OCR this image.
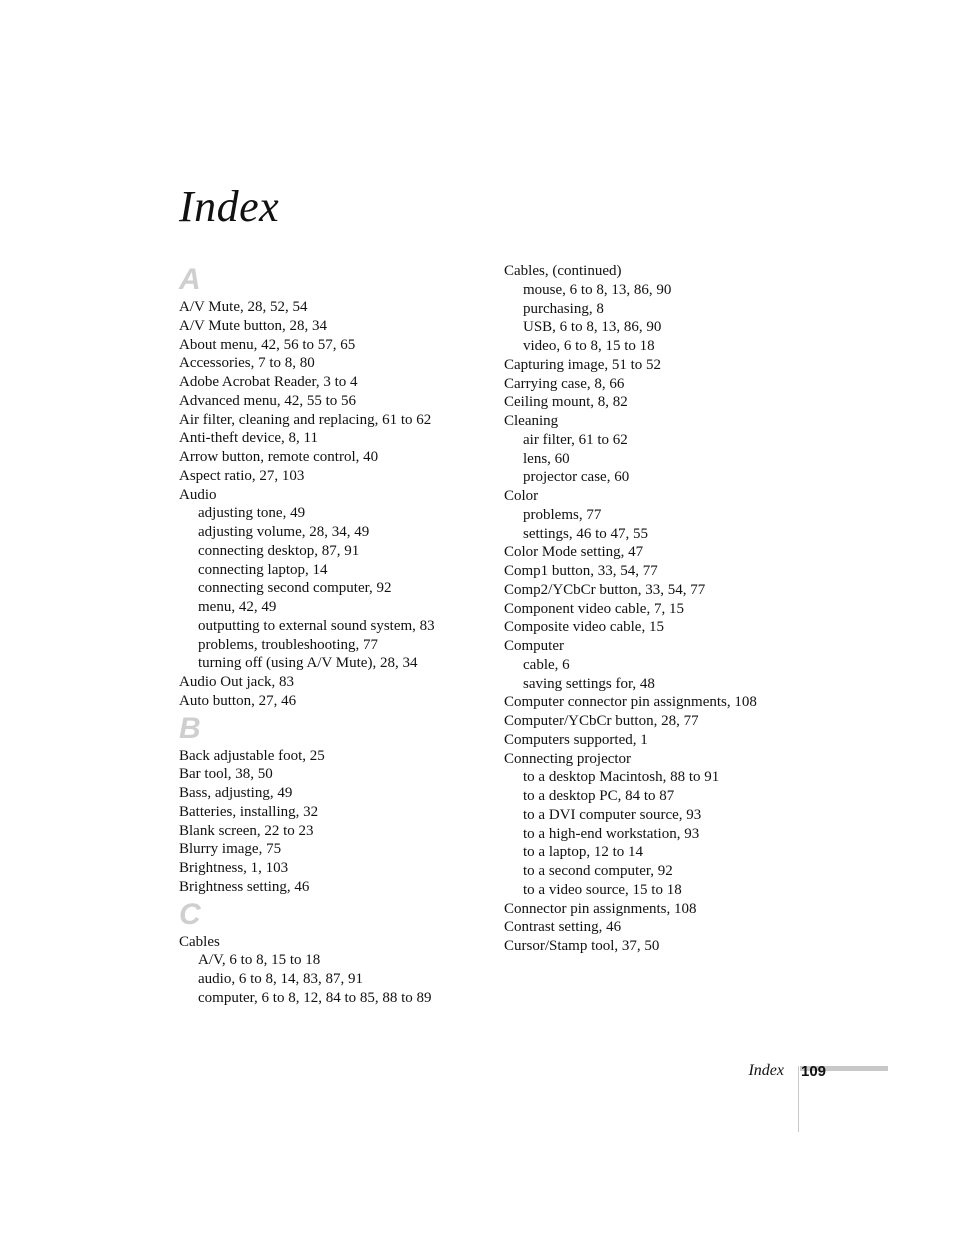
Index
A
A/V Mute, 28, 52, 54
A/V Mute button, 28, 34
About menu, 42, 56 to 57, 65
Accessories, 7 to 8, 80
Adobe Acrobat Reader, 3 to 4
Advanced menu, 42, 55 to 56
Air filter, cleaning and replacing, 61 to 62
Anti-theft device, 8, 11
Arrow button, remote control, 40
Aspect ratio, 27, 103
Audio
adjusting tone, 49
adjusting volume, 28, 34, 49
connecting desktop, 87, 91
connecting laptop, 14
connecting second computer, 92
menu, 42, 49
outputting to external sound system, 83
problems, troubleshooting, 77
turning off (using A/V Mute), 28, 34
Audio Out jack, 83
Auto button, 27, 46
B
Back adjustable foot, 25
Bar tool, 38, 50
Bass, adjusting, 49
Batteries, installing, 32
Blank screen, 22 to 23
Blurry image, 75
Brightness, 1, 103
Brightness setting, 46
C
Cables
A/V, 6 to 8, 15 to 18
audio, 6 to 8, 14, 83, 87, 91
computer, 6 to 8, 12, 84 to 85, 88 to 89
Cables, (continued)
mouse, 6 to 8, 13, 86, 90
purchasing, 8
USB, 6 to 8, 13, 86, 90
video, 6 to 8, 15 to 18
Capturing image, 51 to 52
Carrying case, 8, 66
Ceiling mount, 8, 82
Cleaning
air filter, 61 to 62
lens, 60
projector case, 60
Color
problems, 77
settings, 46 to 47, 55
Color Mode setting, 47
Comp1 button, 33, 54, 77
Comp2/YCbCr button, 33, 54, 77
Component video cable, 7, 15
Composite video cable, 15
Computer
cable, 6
saving settings for, 48
Computer connector pin assignments, 108
Computer/YCbCr button, 28, 77
Computers supported, 1
Connecting projector
to a desktop Macintosh, 88 to 91
to a desktop PC, 84 to 87
to a DVI computer source, 93
to a high-end workstation, 93
to a laptop, 12 to 14
to a second computer, 92
to a video source, 15 to 18
Connector pin assignments, 108
Contrast setting, 46
Cursor/Stamp tool, 37, 50
Index 109
